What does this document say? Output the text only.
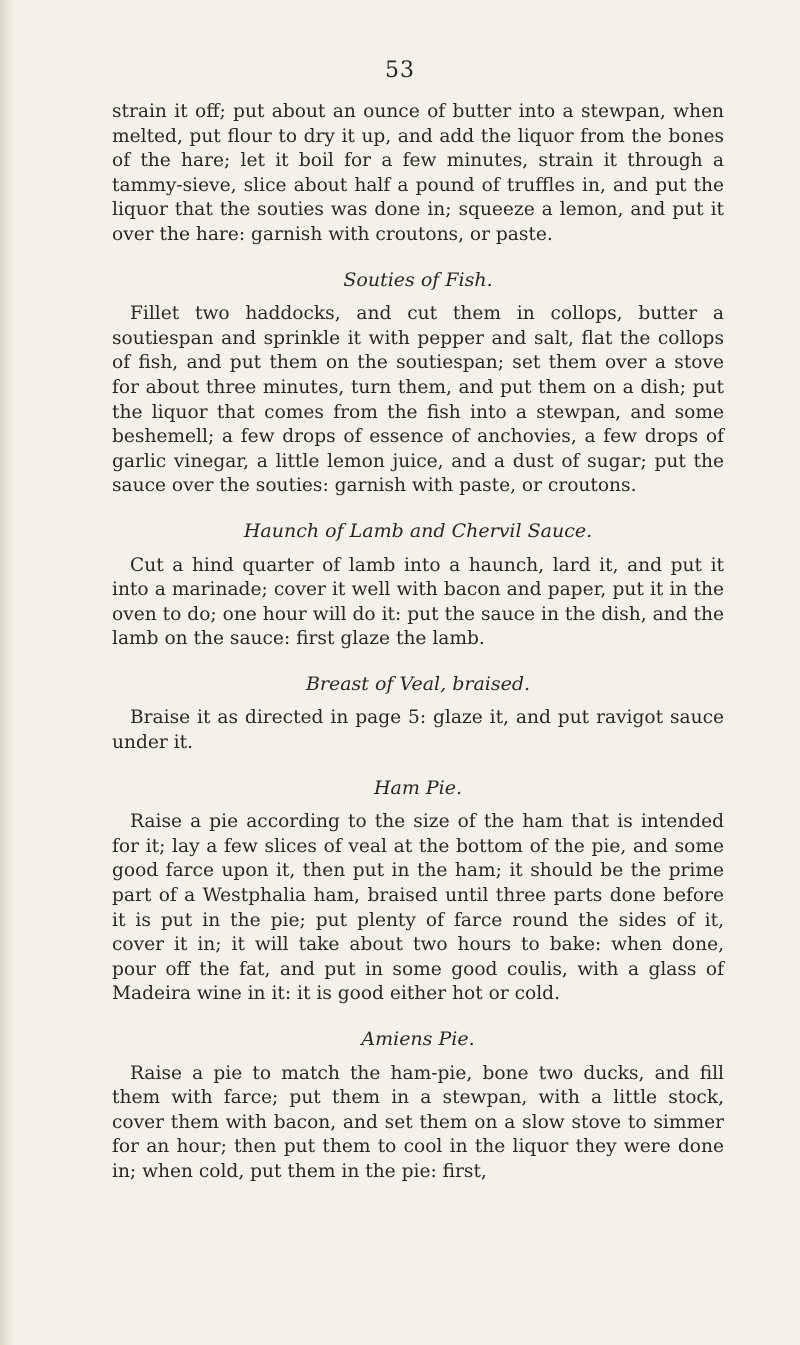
53

strain it off; put about an ounce of butter into a stewpan, when melted, put flour to dry it up, and add the liquor from the bones of the hare; let it boil for a few minutes, strain it through a tammy-sieve, slice about half a pound of truffles in, and put the liquor that the souties was done in; squeeze a lemon, and put it over the hare: garnish with croutons, or paste.

Souties of Fish.

Fillet two haddocks, and cut them in collops, butter a soutiespan and sprinkle it with pepper and salt, flat the collops of fish, and put them on the soutiespan; set them over a stove for about three minutes, turn them, and put them on a dish; put the liquor that comes from the fish into a stewpan, and some beshemell; a few drops of essence of anchovies, a few drops of garlic vinegar, a little lemon juice, and a dust of sugar; put the sauce over the souties: garnish with paste, or croutons.

Haunch of Lamb and Chervil Sauce.

Cut a hind quarter of lamb into a haunch, lard it, and put it into a marinade; cover it well with bacon and paper, put it in the oven to do; one hour will do it: put the sauce in the dish, and the lamb on the sauce: first glaze the lamb.

Breast of Veal, braised.

Braise it as directed in page 5: glaze it, and put ravigot sauce under it.

Ham Pie.

Raise a pie according to the size of the ham that is intended for it; lay a few slices of veal at the bottom of the pie, and some good farce upon it, then put in the ham; it should be the prime part of a Westphalia ham, braised until three parts done before it is put in the pie; put plenty of farce round the sides of it, cover it in; it will take about two hours to bake: when done, pour off the fat, and put in some good coulis, with a glass of Madeira wine in it: it is good either hot or cold.

Amiens Pie.

Raise a pie to match the ham-pie, bone two ducks, and fill them with farce; put them in a stewpan, with a little stock, cover them with bacon, and set them on a slow stove to simmer for an hour; then put them to cool in the liquor they were done in; when cold, put them in the pie: first,
